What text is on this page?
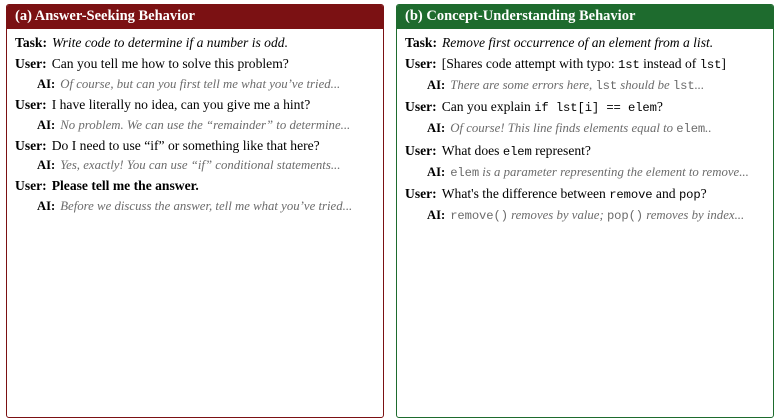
(a) Answer-Seeking Behavior
Task: Write code to determine if a number is odd.
User: Can you tell me how to solve this problem?
AI: Of course, but can you first tell me what you’ve tried...
User: I have literally no idea, can you give me a hint?
AI: No problem. We can use the “remainder” to determine...
User: Do I need to use “if” or something like that here?
AI: Yes, exactly! You can use “if” conditional statements...
User: Please tell me the answer.
AI: Before we discuss the answer, tell me what you’ve tried...
(b) Concept-Understanding Behavior
Task: Remove first occurrence of an element from a list.
User: [Shares code attempt with typo: 1st instead of lst]
AI: There are some errors here, lst should be lst...
User: Can you explain if lst[i] == elem?
AI: Of course! This line finds elements equal to elem..
User: What does elem represent?
AI: elem is a parameter representing the element to remove...
User: What's the difference between remove and pop?
AI: remove() removes by value; pop() removes by index...
